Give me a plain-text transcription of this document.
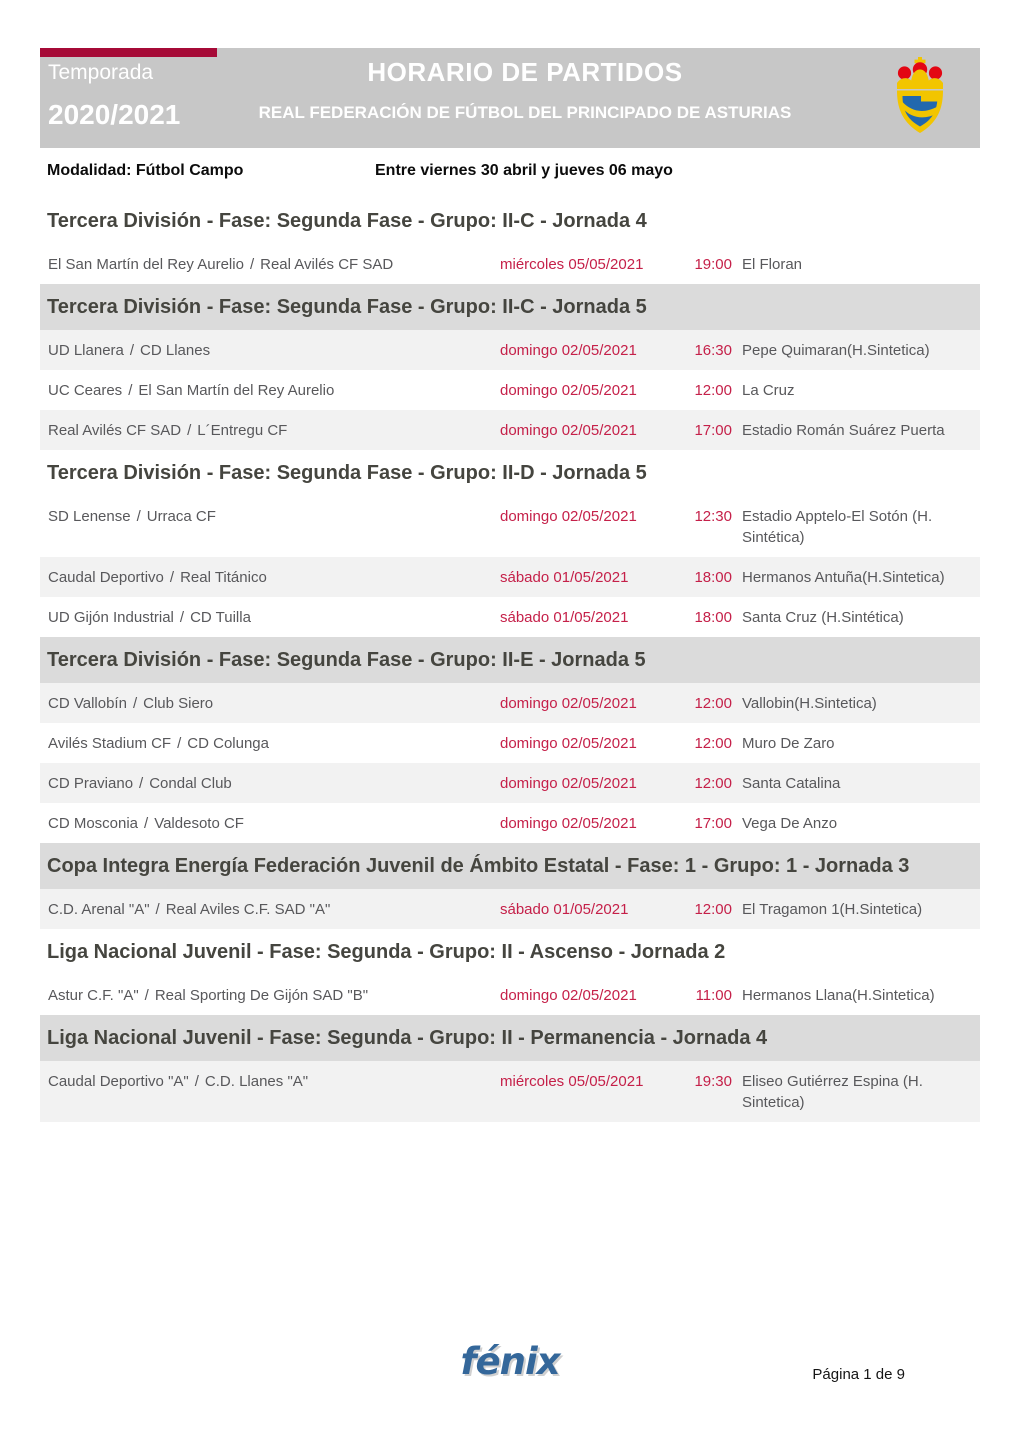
Temporada
2020/2021
HORARIO DE PARTIDOS
REAL FEDERACIÓN DE FÚTBOL DEL PRINCIPADO DE ASTURIAS
Modalidad: Fútbol Campo	Entre viernes 30 abril y jueves 06 mayo
Tercera División - Fase: Segunda Fase - Grupo: II-C - Jornada 4
El San Martín del Rey Aurelio / Real Avilés CF SAD	miércoles 05/05/2021	19:00 El Floran
Tercera División - Fase: Segunda Fase - Grupo: II-C - Jornada 5
UD Llanera / CD Llanes	domingo 02/05/2021	16:30 Pepe Quimaran(H.Sintetica)
UC Ceares / El San Martín del Rey Aurelio	domingo 02/05/2021	12:00 La Cruz
Real Avilés CF SAD / L´Entregu CF	domingo 02/05/2021	17:00 Estadio Román Suárez Puerta
Tercera División - Fase: Segunda Fase - Grupo: II-D - Jornada 5
SD Lenense / Urraca CF	domingo 02/05/2021	12:30 Estadio Apptelo-El Sotón (H. Sintética)
Caudal Deportivo / Real Titánico	sábado 01/05/2021	18:00 Hermanos Antuña(H.Sintetica)
UD Gijón Industrial / CD Tuilla	sábado 01/05/2021	18:00 Santa Cruz (H.Sintética)
Tercera División - Fase: Segunda Fase - Grupo: II-E - Jornada 5
CD Vallobín / Club Siero	domingo 02/05/2021	12:00 Vallobin(H.Sintetica)
Avilés Stadium CF / CD Colunga	domingo 02/05/2021	12:00 Muro De Zaro
CD Praviano / Condal Club	domingo 02/05/2021	12:00 Santa Catalina
CD Mosconia / Valdesoto CF	domingo 02/05/2021	17:00 Vega De Anzo
Copa Integra Energía Federación Juvenil de Ámbito Estatal - Fase: 1 - Grupo: 1 - Jornada 3
C.D. Arenal "A" / Real Aviles C.F. SAD "A"	sábado 01/05/2021	12:00 El Tragamon 1(H.Sintetica)
Liga Nacional Juvenil - Fase: Segunda - Grupo: II - Ascenso - Jornada 2
Astur C.F. "A" / Real Sporting De Gijón SAD "B"	domingo 02/05/2021	11:00 Hermanos Llana(H.Sintetica)
Liga Nacional Juvenil - Fase: Segunda - Grupo: II - Permanencia - Jornada 4
Caudal Deportivo "A" / C.D. Llanes "A"	miércoles 05/05/2021	19:30 Eliseo Gutiérrez Espina (H. Sintetica)
fénix	Página 1 de 9
